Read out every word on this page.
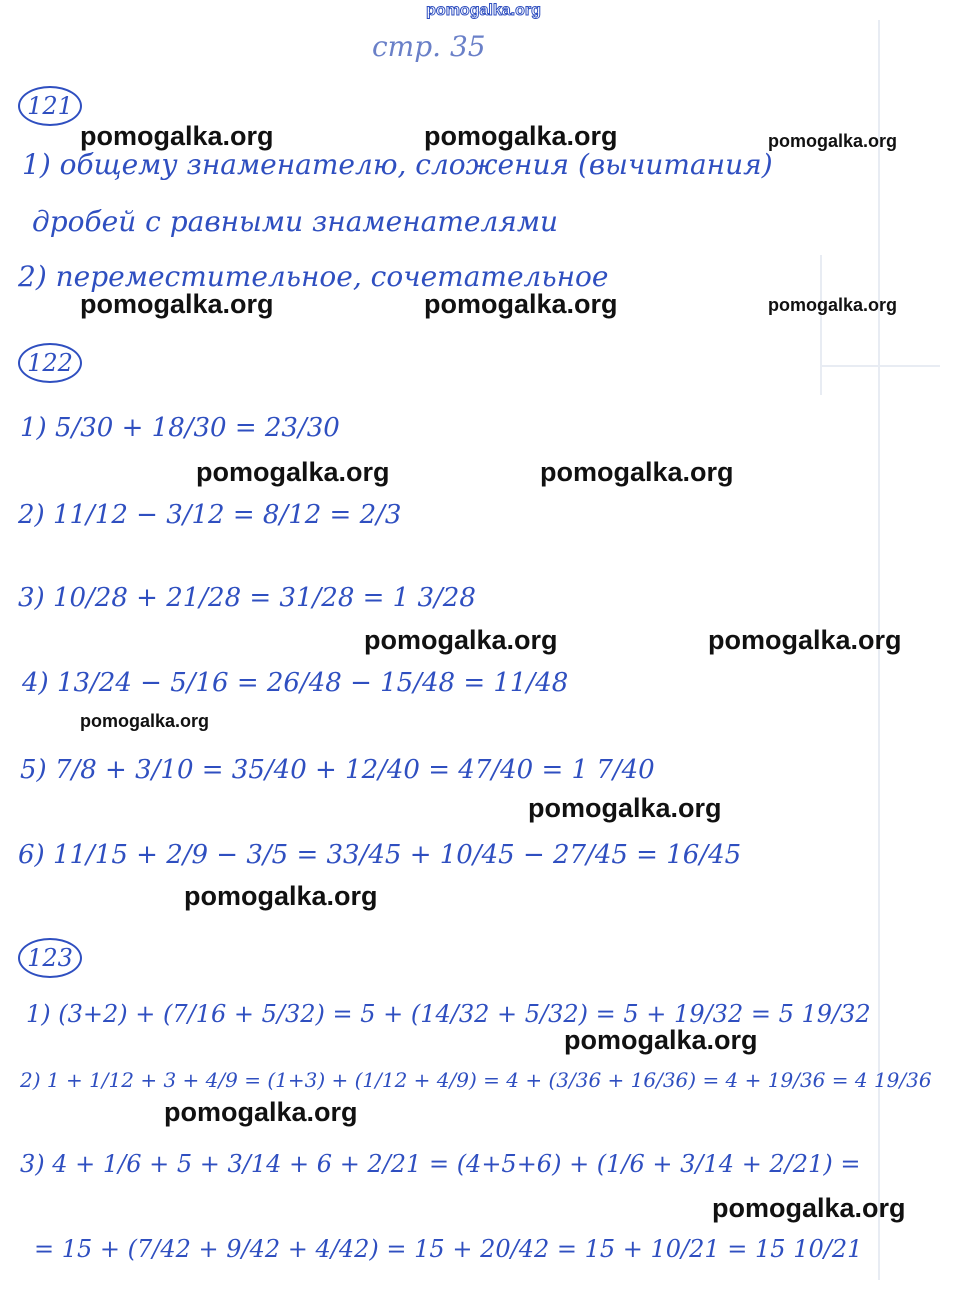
pomogalka.org
стр. 35
121
1) общему знаменателю, сложения (вычитания)
дробей с равными знаменателями
2) переместительное, сочетательное
122
1) 5/30 + 18/30 = 23/30
2) 11/12 − 3/12 = 8/12 = 2/3
3) 10/28 + 21/28 = 31/28 = 1 3/28
4) 13/24 − 5/16 = 26/48 − 15/48 = 11/48
5) 7/8 + 3/10 = 35/40 + 12/40 = 47/40 = 1 7/40
6) 11/15 + 2/9 − 3/5 = 33/45 + 10/45 − 27/45 = 16/45
123
1) (3+2) + (7/16 + 5/32) = 5 + (14/32 + 5/32) = 5 + 19/32 = 5 19/32
2) 1 + 1/12 + 3 + 4/9 = (1+3) + (1/12 + 4/9) = 4 + (3/36 + 16/36) = 4 + 19/36 = 4 19/36
3) 4 + 1/6 + 5 + 3/14 + 6 + 2/21 = (4+5+6) + (1/6 + 3/14 + 2/21) =
= 15 + (7/42 + 9/42 + 4/42) = 15 + 20/42 = 15 + 10/21 = 15 10/21
pomogalka.org	pomogalka.org	pomogalka.org
pomogalka.org	pomogalka.org	pomogalka.org
pomogalka.org	pomogalka.org
pomogalka.org	pomogalka.org
pomogalka.org
pomogalka.org
pomogalka.org
pomogalka.org
pomogalka.org
pomogalka.org
